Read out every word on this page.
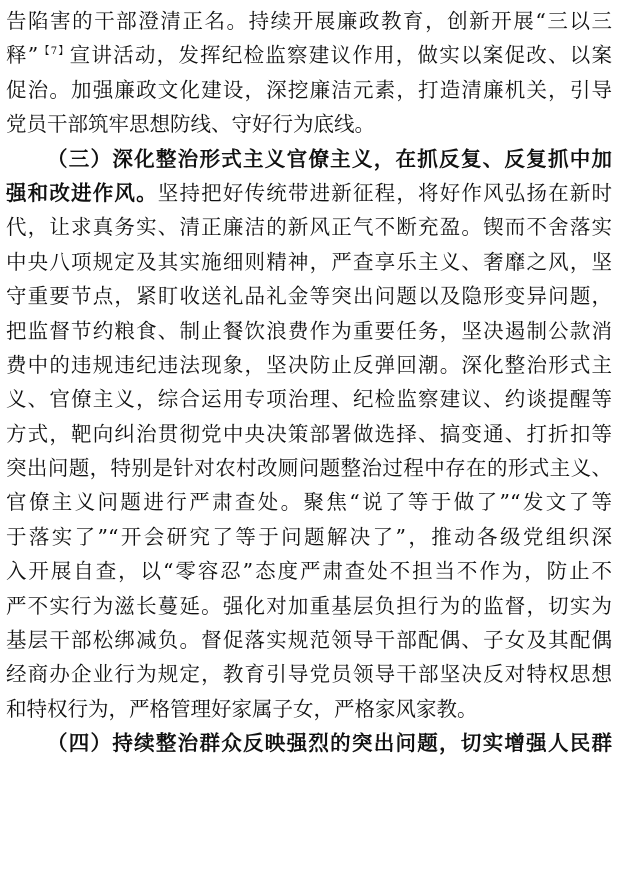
告陷害的干部澄清正名。持续开展廉政教育，创新开展“三以三
释”$^{【7】}$宣讲活动，发挥纪检监察建议作用，做实以案促改、以案
促治。加强廉政文化建设，深挖廉洁元素，打造清廉机关，引导
党员干部筑牢思想防线、守好行为底线。
（三）深化整治形式主义官僚主义，在抓反复、反复抓中加
强和改进作风。坚持把好传统带进新征程，将好作风弘扬在新时
代，让求真务实、清正廉洁的新风正气不断充盈。锲而不舍落实
中央八项规定及其实施细则精神，严查享乐主义、奢靡之风，坚
守重要节点，紧盯收送礼品礼金等突出问题以及隐形变异问题，
把监督节约粮食、制止餐饮浪费作为重要任务，坚决遏制公款消
费中的违规违纪违法现象，坚决防止反弹回潮。深化整治形式主
义、官僚主义，综合运用专项治理、纪检监察建议、约谈提醒等
方式，靶向纠治贯彻党中央决策部署做选择、搞变通、打折扣等
突出问题，特别是针对农村改厕问题整治过程中存在的形式主义、
官僚主义问题进行严肃查处。聚焦“说了等于做了”“发文了等
于落实了”“开会研究了等于问题解决了”，推动各级党组织深
入开展自查，以“零容忍”态度严肃查处不担当不作为，防止不
严不实行为滋长蔓延。强化对加重基层负担行为的监督，切实为
基层干部松绑减负。督促落实规范领导干部配偶、子女及其配偶
经商办企业行为规定，教育引导党员领导干部坚决反对特权思想
和特权行为，严格管理好家属子女，严格家风家教。
（四）持续整治群众反映强烈的突出问题，切实增强人民群
